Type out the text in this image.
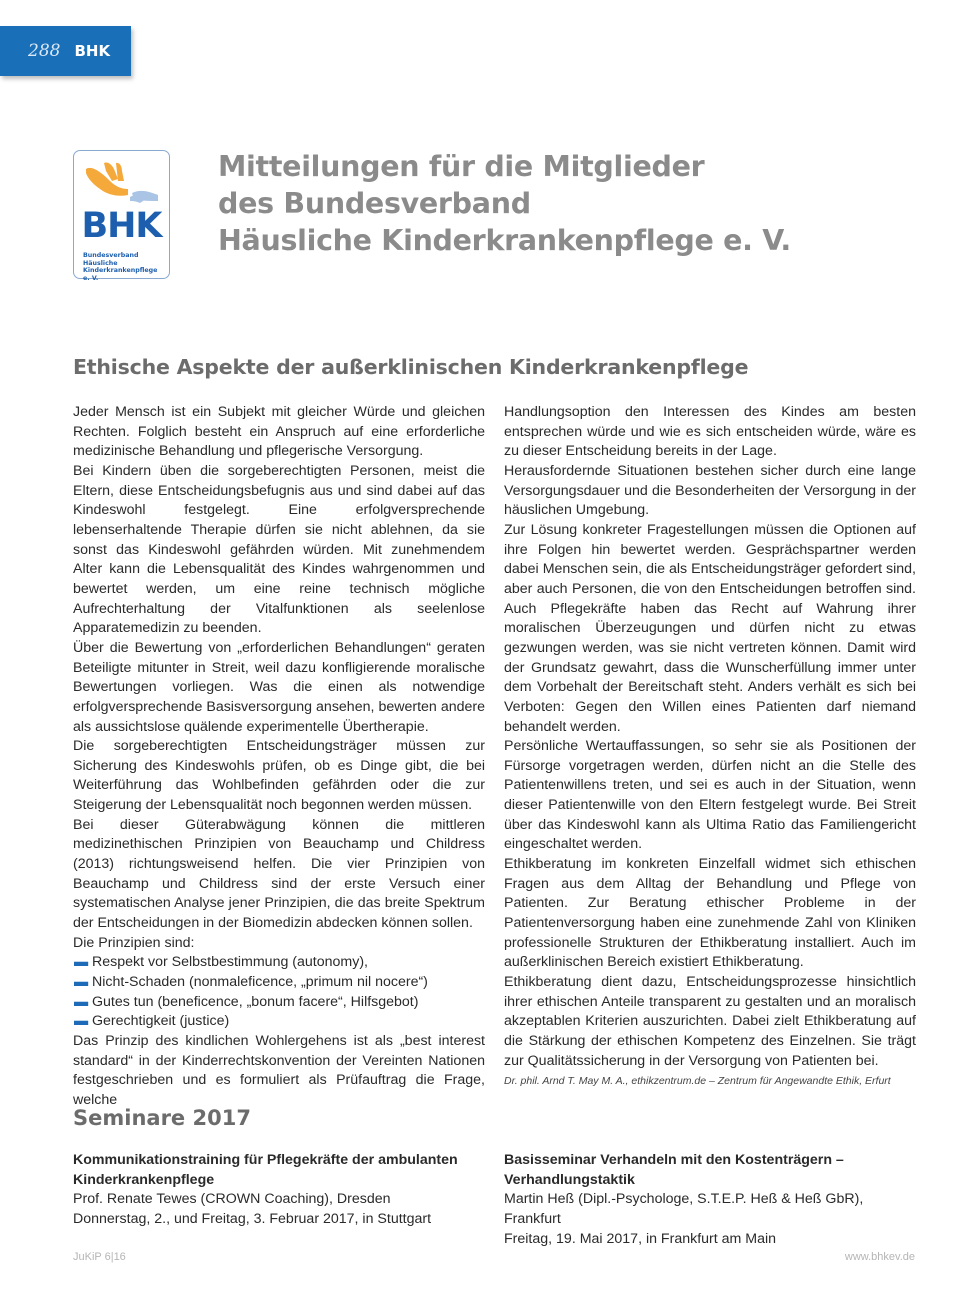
288 BHK
BHK
Bundesverband Häusliche
Kinderkrankenpflege e. V.
Mitteilungen für die Mitglieder
des Bundesverband
Häusliche Kinderkrankenpflege e. V.
Ethische Aspekte der außerklinischen Kinderkrankenpflege

Jeder Mensch ist ein Subjekt mit gleicher Würde und gleichen Rechten. Folglich besteht ein Anspruch auf eine erforderliche medizinische Behandlung und pflegerische Versorgung.

Bei Kindern üben die sorgeberechtigten Personen, meist die Eltern, diese Entscheidungsbefugnis aus und sind dabei auf das Kindeswohl festgelegt. Eine erfolgversprechende lebenserhaltende Therapie dürfen sie nicht ablehnen, da sie sonst das Kindeswohl gefährden würden. Mit zunehmendem Alter kann die Lebensqualität des Kindes wahrgenommen und bewertet werden, um eine reine technisch mögliche Aufrechterhaltung der Vitalfunktionen als seelenlose Apparatemedizin zu beenden.

Über die Bewertung von „erforderlichen Behandlungen“ geraten Beteiligte mitunter in Streit, weil dazu konfligierende moralische Bewertungen vorliegen. Was die einen als notwendige erfolgversprechende Basisversorgung ansehen, bewerten andere als aussichtslose quälende experimentelle Übertherapie.

Die sorgeberechtigten Entscheidungsträger müssen zur Sicherung des Kindeswohls prüfen, ob es Dinge gibt, die bei Weiterführung das Wohlbefinden gefährden oder die zur Steigerung der Lebensqualität noch begonnen werden müssen.

Bei dieser Güterabwägung können die mittleren medizinethischen Prinzipien von Beauchamp und Childress (2013) richtungsweisend helfen. Die vier Prinzipien von Beauchamp und Childress sind der erste Versuch einer systematischen Analyse jener Prinzipien, die das breite Spektrum der Entscheidungen in der Biomedizin abdecken können sollen.

Die Prinzipien sind:

▬ Respekt vor Selbstbestimmung (autonomy),
▬ Nicht-Schaden (nonmaleficence, „primum nil nocere“)
▬ Gutes tun (beneficence, „bonum facere“, Hilfsgebot)
▬ Gerechtigkeit (justice)

Das Prinzip des kindlichen Wohlergehens ist als „best interest standard“ in der Kinderrechtskonvention der Vereinten Nationen festgeschrieben und es formuliert als Prüfauftrag die Frage, welche

Handlungsoption den Interessen des Kindes am besten entsprechen würde und wie es sich entscheiden würde, wäre es zu dieser Entscheidung bereits in der Lage.

Herausfordernde Situationen bestehen sicher durch eine lange Versorgungsdauer und die Besonderheiten der Versorgung in der häuslichen Umgebung.

Zur Lösung konkreter Fragestellungen müssen die Optionen auf ihre Folgen hin bewertet werden. Gesprächspartner werden dabei Menschen sein, die als Entscheidungsträger gefordert sind, aber auch Personen, die von den Entscheidungen betroffen sind. Auch Pflegekräfte haben das Recht auf Wahrung ihrer moralischen Überzeugungen und dürfen nicht zu etwas gezwungen werden, was sie nicht vertreten können. Damit wird der Grundsatz gewahrt, dass die Wunscherfüllung immer unter dem Vorbehalt der Bereitschaft steht. Anders verhält es sich bei Verboten: Gegen den Willen eines Patienten darf niemand behandelt werden.

Persönliche Wertauffassungen, so sehr sie als Positionen der Fürsorge vorgetragen werden, dürfen nicht an die Stelle des Patientenwillens treten, und sei es auch in der Situation, wenn dieser Patientenwille von den Eltern festgelegt wurde. Bei Streit über das Kindeswohl kann als Ultima Ratio das Familiengericht eingeschaltet werden.

Ethikberatung im konkreten Einzelfall widmet sich ethischen Fragen aus dem Alltag der Behandlung und Pflege von Patienten. Zur Beratung ethischer Probleme in der Patientenversorgung haben eine zunehmende Zahl von Kliniken professionelle Strukturen der Ethikberatung installiert. Auch im außerklinischen Bereich existiert Ethikberatung.

Ethikberatung dient dazu, Entscheidungsprozesse hinsichtlich ihrer ethischen Anteile transparent zu gestalten und an moralisch akzeptablen Kriterien auszurichten. Dabei zielt Ethikberatung auf die Stärkung der ethischen Kompetenz des Einzelnen. Sie trägt zur Qualitätssicherung in der Versorgung von Patienten bei.

Dr. phil. Arnd T. May M. A., ethikzentrum.de – Zentrum für Angewandte Ethik, Erfurt

Seminare 2017
Kommunikationstraining für Pflegekräfte der ambulanten Kinderkrankenpflege
Prof. Renate Tewes (CROWN Coaching), Dresden
Donnerstag, 2., und Freitag, 3. Februar 2017, in Stuttgart
Basisseminar Verhandeln mit den Kostenträgern – Verhandlungstaktik
Martin Heß (Dipl.-Psychologe, S.T.E.P. Heß & Heß GbR), Frankfurt
Freitag, 19. Mai 2017, in Frankfurt am Main
JuKiP 6|16	www.bhkev.de
